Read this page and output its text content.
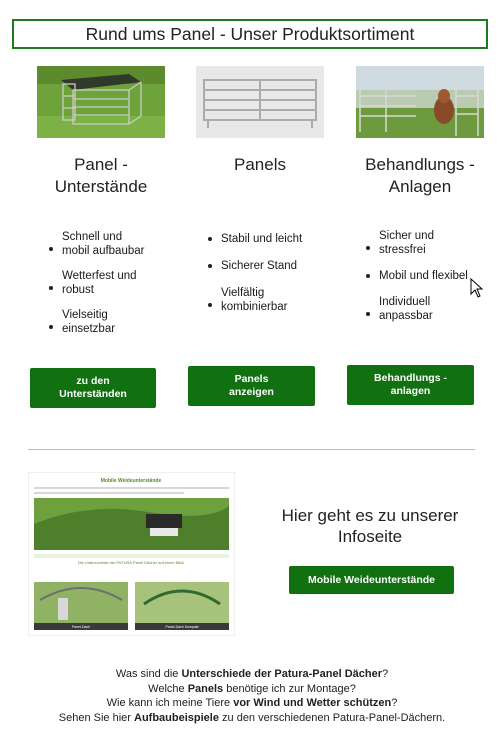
Rund ums Panel - Unser Produktsortiment
Panel -
Unterstände
Schnell und
mobil aufbaubar
Wetterfest und
robust
Vielseitig
einsetzbar
zu den
Unterständen
Panels
Stabil und leicht
Sicherer Stand
Vielfältig
kombinierbar
Panels
anzeigen
Behandlungs -
Anlagen
Sicher und
stressfrei
Mobil und flexibel
Individuell
anpassbar
Behandlungs -
anlagen
Mobile Weideunterstände
Die Unterschiede der PATURA Panel Dächer auf einen Blick
Panel-Dach	Panel-Dach Kompakt
Hier geht es zu unserer
Infoseite
Mobile Weideunterstände
Was sind die Unterschiede der Patura-Panel Dächer?
Welche Panels benötige ich zur Montage?
Wie kann ich meine Tiere vor Wind und Wetter schützen?
Sehen Sie hier Aufbaubeispiele zu den verschiedenen Patura-Panel-Dächern.
